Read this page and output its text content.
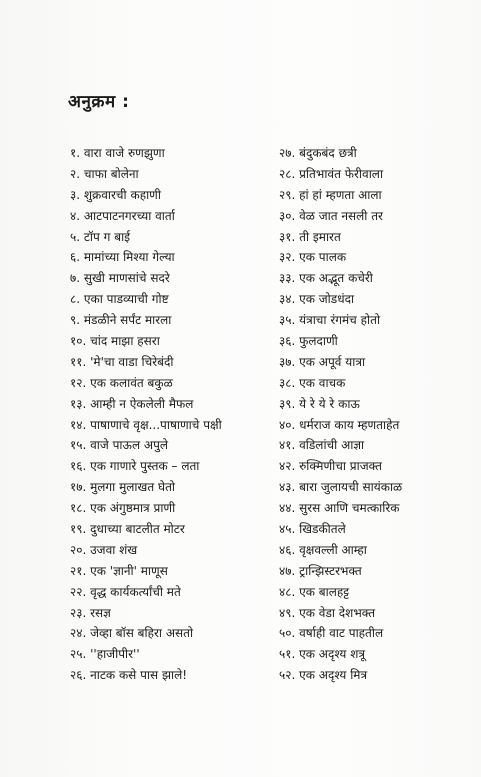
अनुक्रम :
१. वारा वाजे रुणझुणा
२. चाफा बोलेना
३. शुक्रवारची कहाणी
४. आटपाटनगरच्या वार्ता
५. टॉप ग बाई
६. मामांच्या मिश्या गेल्या
७. सुखी माणसांचे सदरे
८. एका पाडव्याची गोष्ट
९. मंडळीने सर्पंट मारला
१०. चांद माझा हसरा
११. 'मे'चा वाडा चिरेबंदी
१२. एक कलावंत बकुळ
१३. आम्ही न ऐकलेली मैफल
१४. पाषाणाचे वृक्ष...पाषाणाचे पक्षी
१५. वाजे पाऊल अपुले
१६. एक गाणारे पुस्तक – लता
१७. मुलगा मुलाखत घेतो
१८. एक अंगुष्ठमात्र प्राणी
१९. दुधाच्या बाटलीत मोटर
२०. उजवा शंख
२१. एक 'ज्ञानी' माणूस
२२. वृद्ध कार्यकर्त्यांची मते
२३. रसज्ञ
२४. जेव्हा बॉस बहिरा असतो
२५. ''हाजीपीर''
२६. नाटक कसे पास झाले!
२७. बंदुकबंद छत्री
२८. प्रतिभावंत फेरीवाला
२९. हां हां म्हणता आला
३०. वेळ जात नसली तर
३१. ती इमारत
३२. एक पालक
३३. एक अद्भूत कचेरी
३४. एक जोडधंदा
३५. यंत्राचा रंगमंच होतो
३६. फुलदाणी
३७. एक अपूर्व यात्रा
३८. एक वाचक
३९. ये रे ये रे काऊ
४०. धर्मराज काय म्हणताहेत
४१. वडिलांची आज्ञा
४२. रुक्मिणीचा प्राजक्त
४३. बारा जुलायची सायंकाळ
४४. सुरस आणि चमत्कारिक
४५. खिडकीतले
४६. वृक्षवल्ली आम्हा
४७. ट्रान्झिस्टरभक्त
४८. एक बालहट्ट
४९. एक वेडा देशभक्त
५०. वर्षाही वाट पाहतील
५१. एक अदृश्य शत्रू
५२. एक अदृश्य मित्र
